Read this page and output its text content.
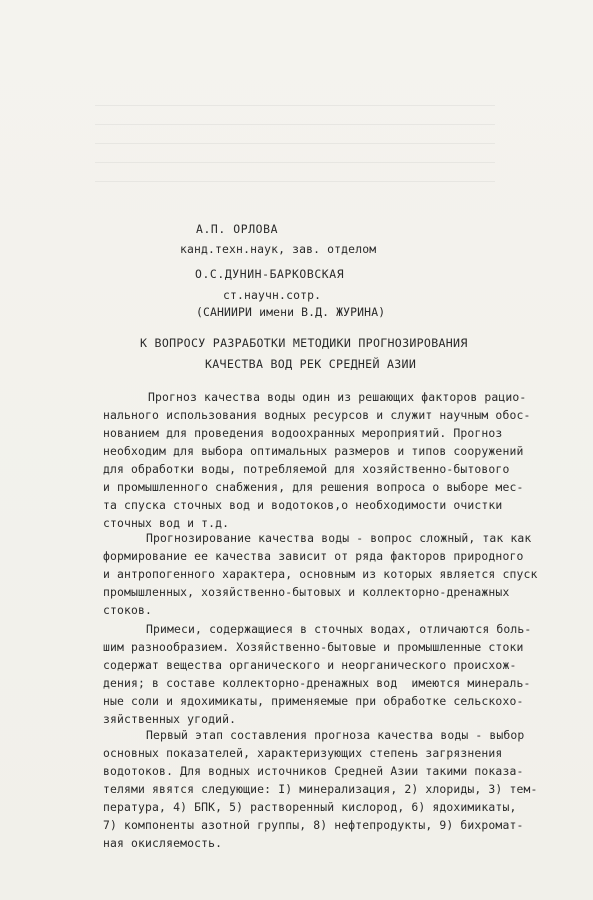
А.П. ОРЛОВА
канд.техн.наук, зав. отделом
О.С.ДУНИН-БАРКОВСКАЯ
ст.научн.сотр.
(САНИИРИ имени В.Д. ЖУРИНА)
К ВОПРОСУ РАЗРАБОТКИ МЕТОДИКИ ПРОГНОЗИРОВАНИЯ
КАЧЕСТВА ВОД РЕК СРЕДНЕЙ АЗИИ
Прогноз качества воды один из решающих факторов рацио-
нального использования водных ресурсов и служит научным обос-
нованием для проведения водоохранных мероприятий. Прогноз
необходим для выбора оптимальных размеров и типов сооружений
для обработки воды, потребляемой для хозяйственно-бытового
и промышленного снабжения, для решения вопроса о выборе мес-
та спуска сточных вод и водотоков,о необходимости очистки
сточных вод и т.д.
Прогнозирование качества воды - вопрос сложный, так как
формирование ее качества зависит от ряда факторов природного
и антропогенного характера, основным из которых является спуск
промышленных, хозяйственно-бытовых и коллекторно-дренажных
стоков.
Примеси, содержащиеся в сточных водах, отличаются боль-
шим разнообразием. Хозяйственно-бытовые и промышленные стоки
содержат вещества органического и неорганического происхож-
дения; в составе коллекторно-дренажных вод  имеются минераль-
ные соли и ядохимикаты, применяемые при обработке сельскохо-
зяйственных угодий.
Первый этап составления прогноза качества воды - выбор
основных показателей, характеризующих степень загрязнения
водотоков. Для водных источников Средней Азии такими показа-
телями явятся следующие: I) минерализация, 2) хлориды, 3) тем-
пература, 4) БПК, 5) растворенный кислород, 6) ядохимикаты,
7) компоненты азотной группы, 8) нефтепродукты, 9) бихромат-
ная окисляемость.
